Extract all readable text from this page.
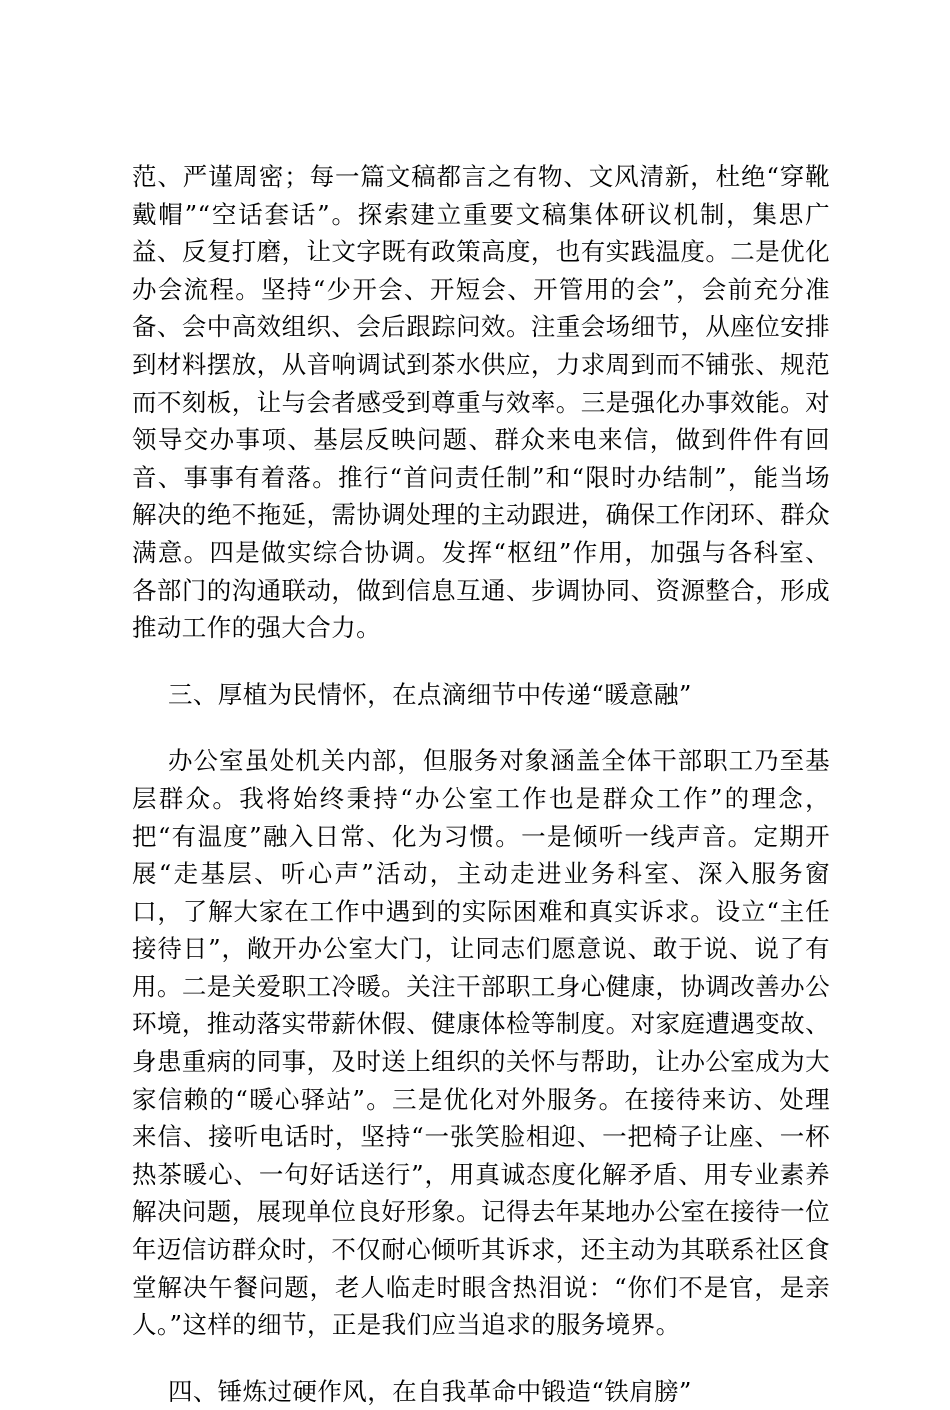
范、严谨周密；每一篇文稿都言之有物、文风清新，杜绝“穿靴戴帽”“空话套话”。探索建立重要文稿集体研议机制，集思广益、反复打磨，让文字既有政策高度，也有实践温度。二是优化办会流程。坚持“少开会、开短会、开管用的会”，会前充分准备、会中高效组织、会后跟踪问效。注重会场细节，从座位安排到材料摆放，从音响调试到茶水供应，力求周到而不铺张、规范而不刻板，让与会者感受到尊重与效率。三是强化办事效能。对领导交办事项、基层反映问题、群众来电来信，做到件件有回音、事事有着落。推行“首问责任制”和“限时办结制”，能当场解决的绝不拖延，需协调处理的主动跟进，确保工作闭环、群众满意。四是做实综合协调。发挥“枢纽”作用，加强与各科室、各部门的沟通联动，做到信息互通、步调协同、资源整合，形成推动工作的强大合力。

三、厚植为民情怀，在点滴细节中传递“暖意融”

办公室虽处机关内部，但服务对象涵盖全体干部职工乃至基层群众。我将始终秉持“办公室工作也是群众工作”的理念，把“有温度”融入日常、化为习惯。一是倾听一线声音。定期开展“走基层、听心声”活动，主动走进业务科室、深入服务窗口，了解大家在工作中遇到的实际困难和真实诉求。设立“主任接待日”，敞开办公室大门，让同志们愿意说、敢于说、说了有用。二是关爱职工冷暖。关注干部职工身心健康，协调改善办公环境，推动落实带薪休假、健康体检等制度。对家庭遭遇变故、身患重病的同事，及时送上组织的关怀与帮助，让办公室成为大家信赖的“暖心驿站”。三是优化对外服务。在接待来访、处理来信、接听电话时，坚持“一张笑脸相迎、一把椅子让座、一杯热茶暖心、一句好话送行”，用真诚态度化解矛盾、用专业素养解决问题，展现单位良好形象。记得去年某地办公室在接待一位年迈信访群众时，不仅耐心倾听其诉求，还主动为其联系社区食堂解决午餐问题，老人临走时眼含热泪说：“你们不是官，是亲人。”这样的细节，正是我们应当追求的服务境界。

四、锤炼过硬作风，在自我革命中锻造“铁肩膀”
